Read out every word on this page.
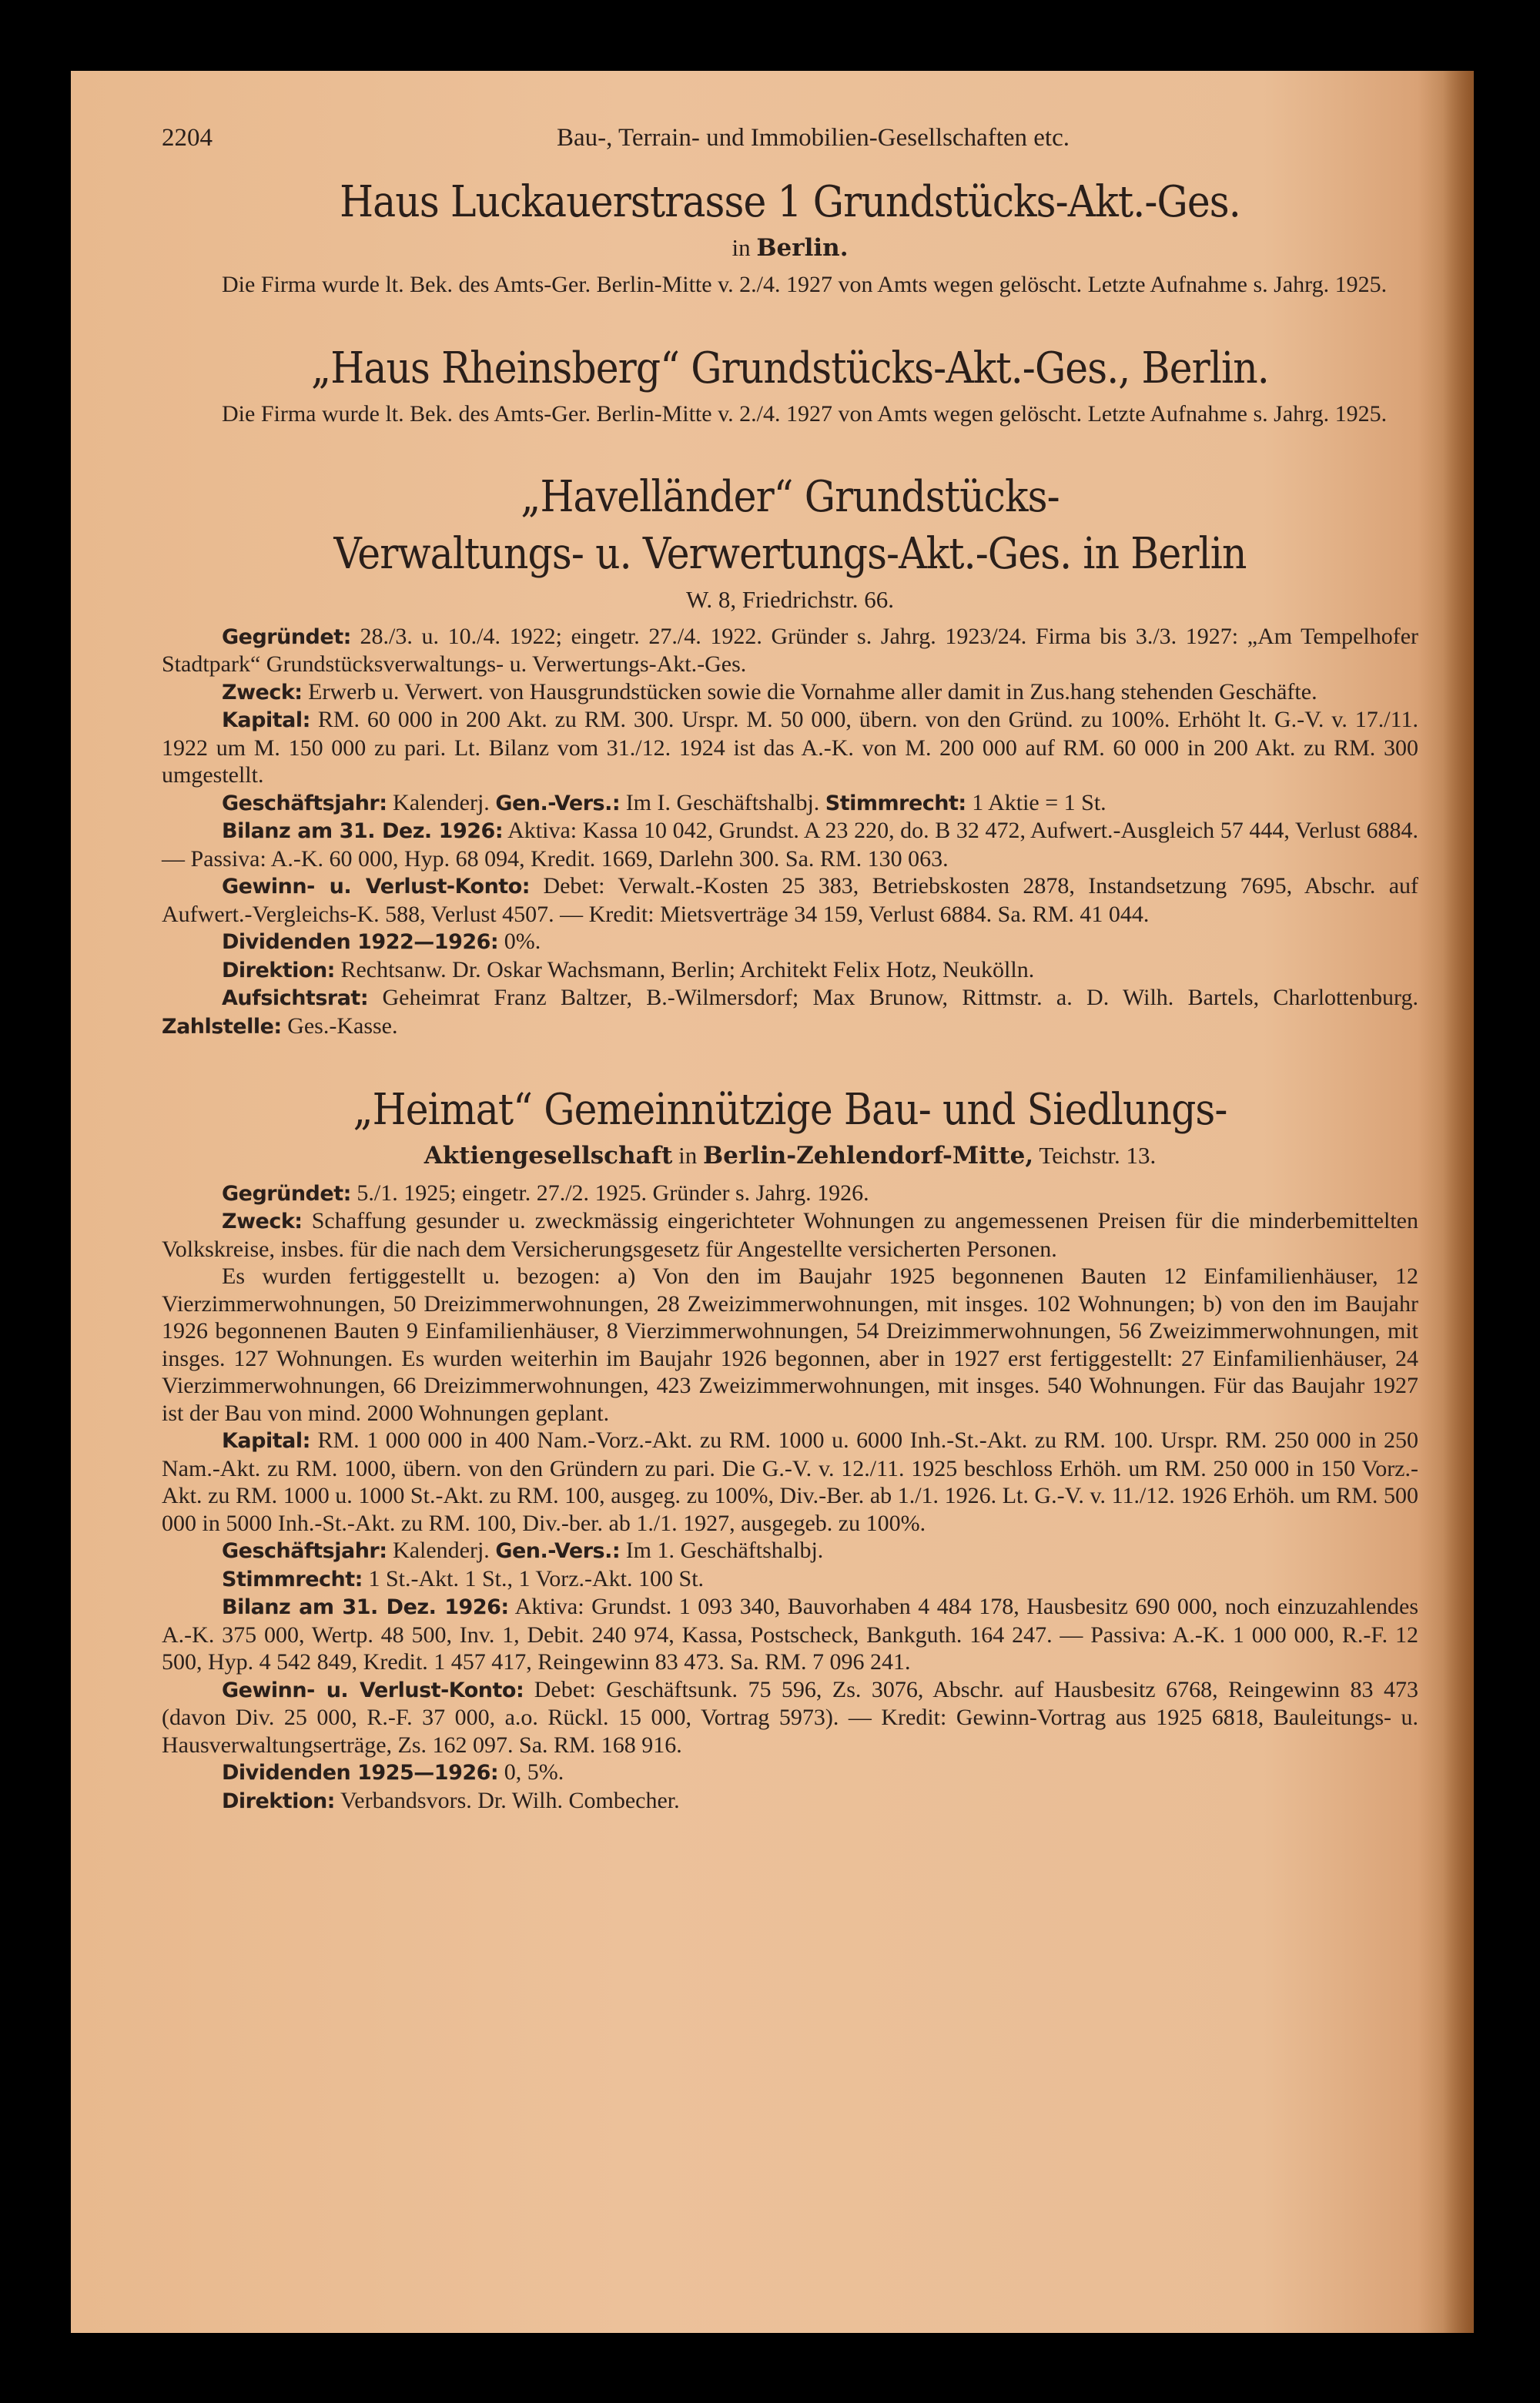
2204	Bau-, Terrain- und Immobilien-Gesellschaften etc.
Haus Luckauerstrasse 1 Grundstücks-Akt.-Ges.
in Berlin.

Die Firma wurde lt. Bek. des Amts-Ger. Berlin-Mitte v. 2./4. 1927 von Amts wegen gelöscht. Letzte Aufnahme s. Jahrg. 1925.

„Haus Rheinsberg“ Grundstücks-Akt.-Ges., Berlin.

Die Firma wurde lt. Bek. des Amts-Ger. Berlin-Mitte v. 2./4. 1927 von Amts wegen gelöscht. Letzte Aufnahme s. Jahrg. 1925.

„Havelländer“ Grundstücks-
Verwaltungs- u. Verwertungs-Akt.-Ges. in Berlin
W. 8, Friedrichstr. 66.

Gegründet: 28./3. u. 10./4. 1922; eingetr. 27./4. 1922. Gründer s. Jahrg. 1923/24. Firma bis 3./3. 1927: „Am Tempelhofer Stadtpark“ Grundstücksverwaltungs- u. Verwertungs-Akt.-Ges.

Zweck: Erwerb u. Verwert. von Hausgrundstücken sowie die Vornahme aller damit in Zus.hang stehenden Geschäfte.

Kapital: RM. 60 000 in 200 Akt. zu RM. 300. Urspr. M. 50 000, übern. von den Gründ. zu 100%. Erhöht lt. G.-V. v. 17./11. 1922 um M. 150 000 zu pari. Lt. Bilanz vom 31./12. 1924 ist das A.-K. von M. 200 000 auf RM. 60 000 in 200 Akt. zu RM. 300 umgestellt.

Geschäftsjahr: Kalenderj. Gen.-Vers.: Im I. Geschäftshalbj. Stimmrecht: 1 Aktie = 1 St.

Bilanz am 31. Dez. 1926: Aktiva: Kassa 10 042, Grundst. A 23 220, do. B 32 472, Aufwert.-Ausgleich 57 444, Verlust 6884. — Passiva: A.-K. 60 000, Hyp. 68 094, Kredit. 1669, Darlehn 300. Sa. RM. 130 063.

Gewinn- u. Verlust-Konto: Debet: Verwalt.-Kosten 25 383, Betriebskosten 2878, Instandsetzung 7695, Abschr. auf Aufwert.-Vergleichs-K. 588, Verlust 4507. — Kredit: Mietsverträge 34 159, Verlust 6884. Sa. RM. 41 044.

Dividenden 1922—1926: 0%.

Direktion: Rechtsanw. Dr. Oskar Wachsmann, Berlin; Architekt Felix Hotz, Neukölln.

Aufsichtsrat: Geheimrat Franz Baltzer, B.-Wilmersdorf; Max Brunow, Rittmstr. a. D. Wilh. Bartels, Charlottenburg. Zahlstelle: Ges.-Kasse.

„Heimat“ Gemeinnützige Bau- und Siedlungs-
Aktiengesellschaft in Berlin-Zehlendorf-Mitte, Teichstr. 13.

Gegründet: 5./1. 1925; eingetr. 27./2. 1925. Gründer s. Jahrg. 1926.

Zweck: Schaffung gesunder u. zweckmässig eingerichteter Wohnungen zu angemessenen Preisen für die minderbemittelten Volkskreise, insbes. für die nach dem Versicherungsgesetz für Angestellte versicherten Personen.

Es wurden fertiggestellt u. bezogen: a) Von den im Baujahr 1925 begonnenen Bauten 12 Einfamilienhäuser, 12 Vierzimmerwohnungen, 50 Dreizimmerwohnungen, 28 Zweizimmerwohnungen, mit insges. 102 Wohnungen; b) von den im Baujahr 1926 begonnenen Bauten 9 Einfamilienhäuser, 8 Vierzimmerwohnungen, 54 Dreizimmerwohnungen, 56 Zweizimmerwohnungen, mit insges. 127 Wohnungen. Es wurden weiterhin im Baujahr 1926 begonnen, aber in 1927 erst fertiggestellt: 27 Einfamilienhäuser, 24 Vierzimmerwohnungen, 66 Dreizimmerwohnungen, 423 Zweizimmerwohnungen, mit insges. 540 Wohnungen. Für das Baujahr 1927 ist der Bau von mind. 2000 Wohnungen geplant.

Kapital: RM. 1 000 000 in 400 Nam.-Vorz.-Akt. zu RM. 1000 u. 6000 Inh.-St.-Akt. zu RM. 100. Urspr. RM. 250 000 in 250 Nam.-Akt. zu RM. 1000, übern. von den Gründern zu pari. Die G.-V. v. 12./11. 1925 beschloss Erhöh. um RM. 250 000 in 150 Vorz.-Akt. zu RM. 1000 u. 1000 St.-Akt. zu RM. 100, ausgeg. zu 100%, Div.-Ber. ab 1./1. 1926. Lt. G.-V. v. 11./12. 1926 Erhöh. um RM. 500 000 in 5000 Inh.-St.-Akt. zu RM. 100, Div.-ber. ab 1./1. 1927, ausgegeb. zu 100%.

Geschäftsjahr: Kalenderj. Gen.-Vers.: Im 1. Geschäftshalbj.

Stimmrecht: 1 St.-Akt. 1 St., 1 Vorz.-Akt. 100 St.

Bilanz am 31. Dez. 1926: Aktiva: Grundst. 1 093 340, Bauvorhaben 4 484 178, Hausbesitz 690 000, noch einzuzahlendes A.-K. 375 000, Wertp. 48 500, Inv. 1, Debit. 240 974, Kassa, Postscheck, Bankguth. 164 247. — Passiva: A.-K. 1 000 000, R.-F. 12 500, Hyp. 4 542 849, Kredit. 1 457 417, Reingewinn 83 473. Sa. RM. 7 096 241.

Gewinn- u. Verlust-Konto: Debet: Geschäftsunk. 75 596, Zs. 3076, Abschr. auf Hausbesitz 6768, Reingewinn 83 473 (davon Div. 25 000, R.-F. 37 000, a.o. Rückl. 15 000, Vortrag 5973). — Kredit: Gewinn-Vortrag aus 1925 6818, Bauleitungs- u. Hausverwaltungserträge, Zs. 162 097. Sa. RM. 168 916.

Dividenden 1925—1926: 0, 5%.

Direktion: Verbandsvors. Dr. Wilh. Combecher.
